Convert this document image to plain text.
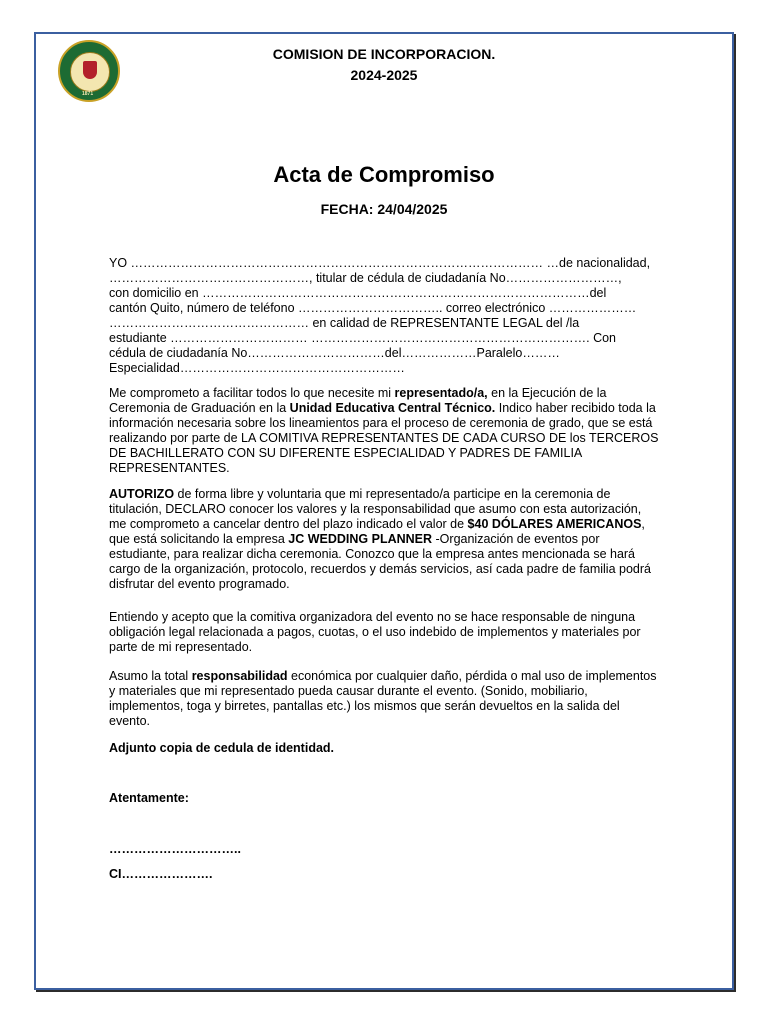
1871
COMISION DE INCORPORACION.
2024-2025
Acta de Compromiso
FECHA: 24/04/2025
YO ……………………………………………………………………………………… …de nacionalidad,
…………………………………………, titular de cédula de ciudadanía No………………………,
con domicilio en …………………………………………………………………………………del
cantón Quito, número de teléfono …………………………….. correo electrónico …………………
………………………………………… en calidad de REPRESENTANTE LEGAL del /la
estudiante …………………………… …………………………………………………………. Con
cédula de ciudadanía No……………………………del………………Paralelo………
Especialidad………………………………………………

Me comprometo a facilitar todos lo que necesite mi representado/a, en la Ejecución de la Ceremonia de Graduación en la Unidad Educativa Central Técnico. Indico haber recibido toda la información necesaria sobre los lineamientos para el proceso de ceremonia de grado, que se está realizando por parte de LA COMITIVA REPRESENTANTES DE CADA CURSO DE los TERCEROS DE BACHILLERATO CON SU DIFERENTE ESPECIALIDAD Y PADRES DE FAMILIA REPRESENTANTES.

AUTORIZO de forma libre y voluntaria que mi representado/a participe en la ceremonia de titulación, DECLARO conocer los valores y la responsabilidad que asumo con esta autorización, me comprometo a cancelar dentro del plazo indicado el valor de $40 DÓLARES AMERICANOS, que está solicitando la empresa JC WEDDING PLANNER -Organización de eventos por estudiante, para realizar dicha ceremonia. Conozco que la empresa antes mencionada se hará cargo de la organización, protocolo, recuerdos y demás servicios, así cada padre de familia podrá disfrutar del evento programado.

Entiendo y acepto que la comitiva organizadora del evento no se hace responsable de ninguna obligación legal relacionada a pagos, cuotas, o el uso indebido de implementos y materiales por parte de mi representado.

Asumo la total responsabilidad económica por cualquier daño, pérdida o mal uso de implementos y materiales que mi representado pueda causar durante el evento. (Sonido, mobiliario, implementos, toga y birretes, pantallas etc.) los mismos que serán devueltos en la salida del evento.

Adjunto copia de cedula de identidad.

Atentamente:

…………………………..

CI………………….
